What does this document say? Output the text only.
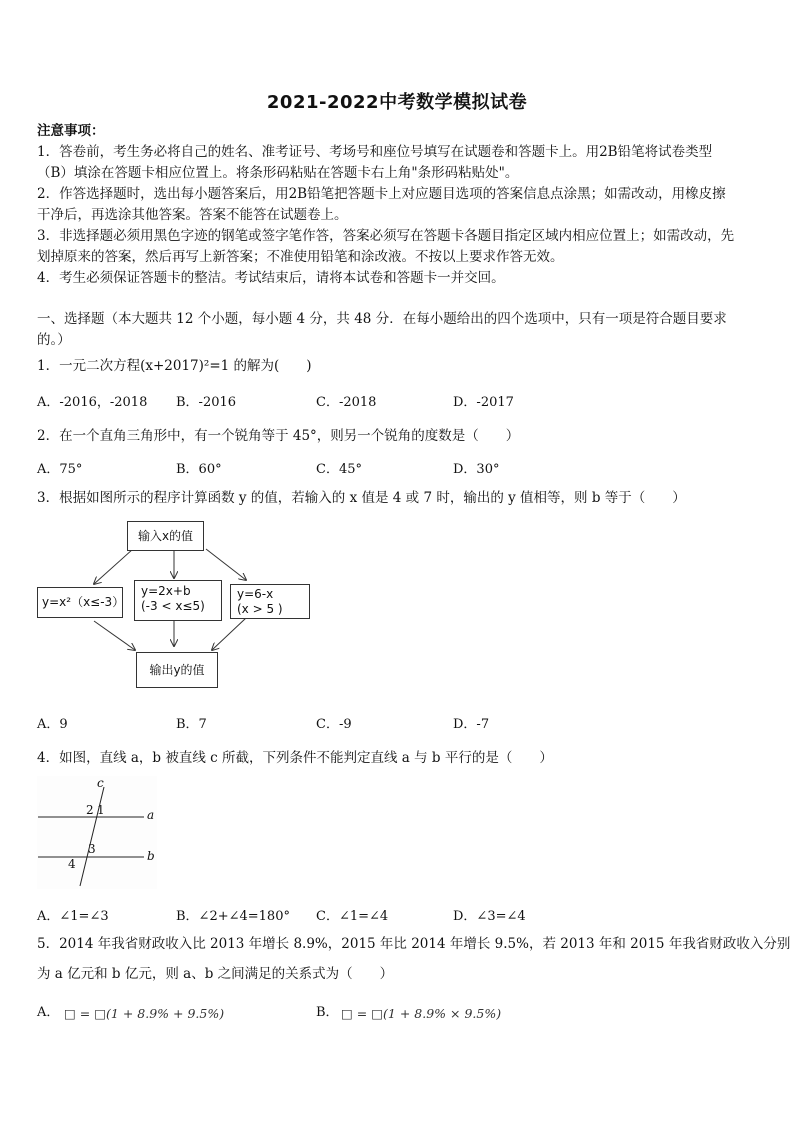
2021-2022中考数学模拟试卷
注意事项：
1．答卷前，考生务必将自己的姓名、准考证号、考场号和座位号填写在试题卷和答题卡上。用2B铅笔将试卷类型
（B）填涂在答题卡相应位置上。将条形码粘贴在答题卡右上角"条形码粘贴处"。
2．作答选择题时，选出每小题答案后，用2B铅笔把答题卡上对应题目选项的答案信息点涂黑；如需改动，用橡皮擦
干净后，再选涂其他答案。答案不能答在试题卷上。
3．非选择题必须用黑色字迹的钢笔或签字笔作答，答案必须写在答题卡各题目指定区域内相应位置上；如需改动，先
划掉原来的答案，然后再写上新答案；不准使用铅笔和涂改液。不按以上要求作答无效。
4．考生必须保证答题卡的整洁。考试结束后，请将本试卷和答题卡一并交回。
一、选择题（本大题共 12 个小题，每小题 4 分，共 48 分．在每小题给出的四个选项中，只有一项是符合题目要求
的。）
1．一元二次方程(x+2017)²=1 的解为(　　)
A．-2016，-2018 B．-2016	C．-2018	D．-2017
2．在一个直角三角形中，有一个锐角等于 45°，则另一个锐角的度数是（　　）
A．75°	B．60°	C．45°	D．30°
3．根据如图所示的程序计算函数 y 的值，若输入的 x 值是 4 或 7 时，输出的 y 值相等，则 b 等于（　　）
输入x的值
y=x²（x≤-3）
y=2x+b
(-3 < x≤5)
y=6-x
(x > 5 )
输出y的值
A．9	B．7	C．-9	D．-7
4．如图，直线 a，b 被直线 c 所截，下列条件不能判定直线 a 与 b 平行的是（　　）
c
a
b
2 1
3
4
A．∠1=∠3	B．∠2+∠4=180° C．∠1=∠4	D．∠3=∠4
5．2014 年我省财政收入比 2013 年增长 8.9%，2015 年比 2014 年增长 9.5%，若 2013 年和 2015 年我省财政收入分别
为 a 亿元和 b 亿元，则 a、b 之间满足的关系式为（　　）
A． □ = □(1 + 8.9% + 9.5%)	B． □ = □(1 + 8.9% × 9.5%)
